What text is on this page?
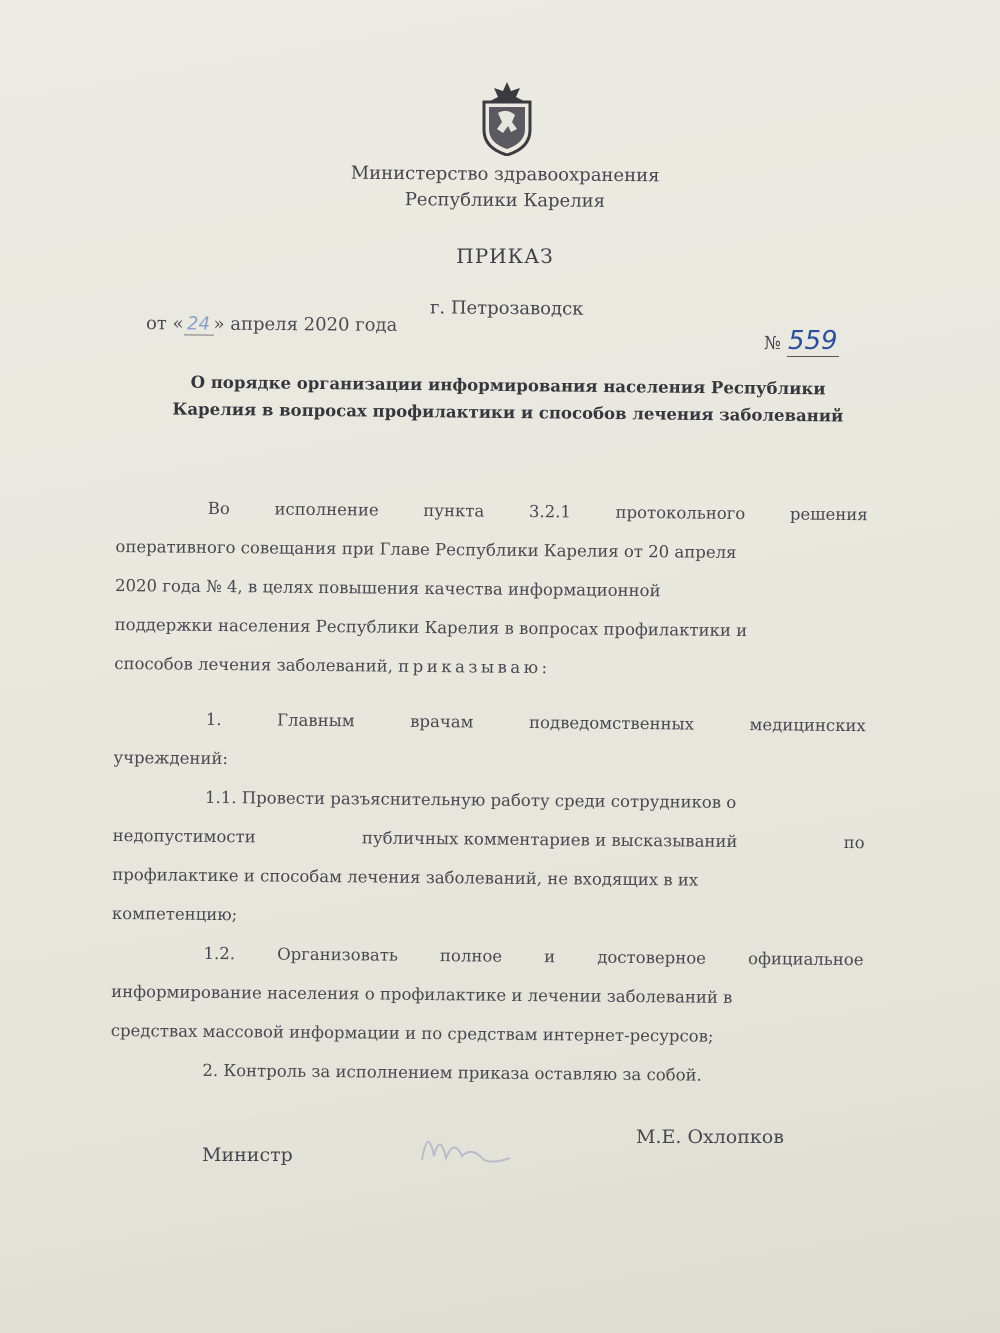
Министерство здравоохранения
Республики Карелия
ПРИКАЗ
г. Петрозаводск
от « 24 » апреля 2020 года
№ 559
О порядке организации информирования населения Республики
Карелия в вопросах профилактики и способов лечения заболеваний
Во	исполнение	пункта	3.2.1	протокольного	решения
оперативного совещания при Главе Республики Карелия от 20 апреля
2020 года № 4, в целях повышения качества информационной
поддержки населения Республики Карелия в вопросах профилактики и
способов лечения заболеваний, приказываю:
1.	Главным	врачам	подведомственных	медицинских
учреждений:
1.1. Провести разъяснительную работу среди сотрудников о
недопустимости	публичных комментариев и высказываний	по
профилактике и способам лечения заболеваний, не входящих в их
компетенцию;
1.2.	Организовать	полное	и	достоверное	официальное
информирование населения о профилактике и лечении заболеваний в
средствах массовой информации и по средствам интернет-ресурсов;
2. Контроль за исполнением приказа оставляю за собой.
Министр
М.Е. Охлопков
